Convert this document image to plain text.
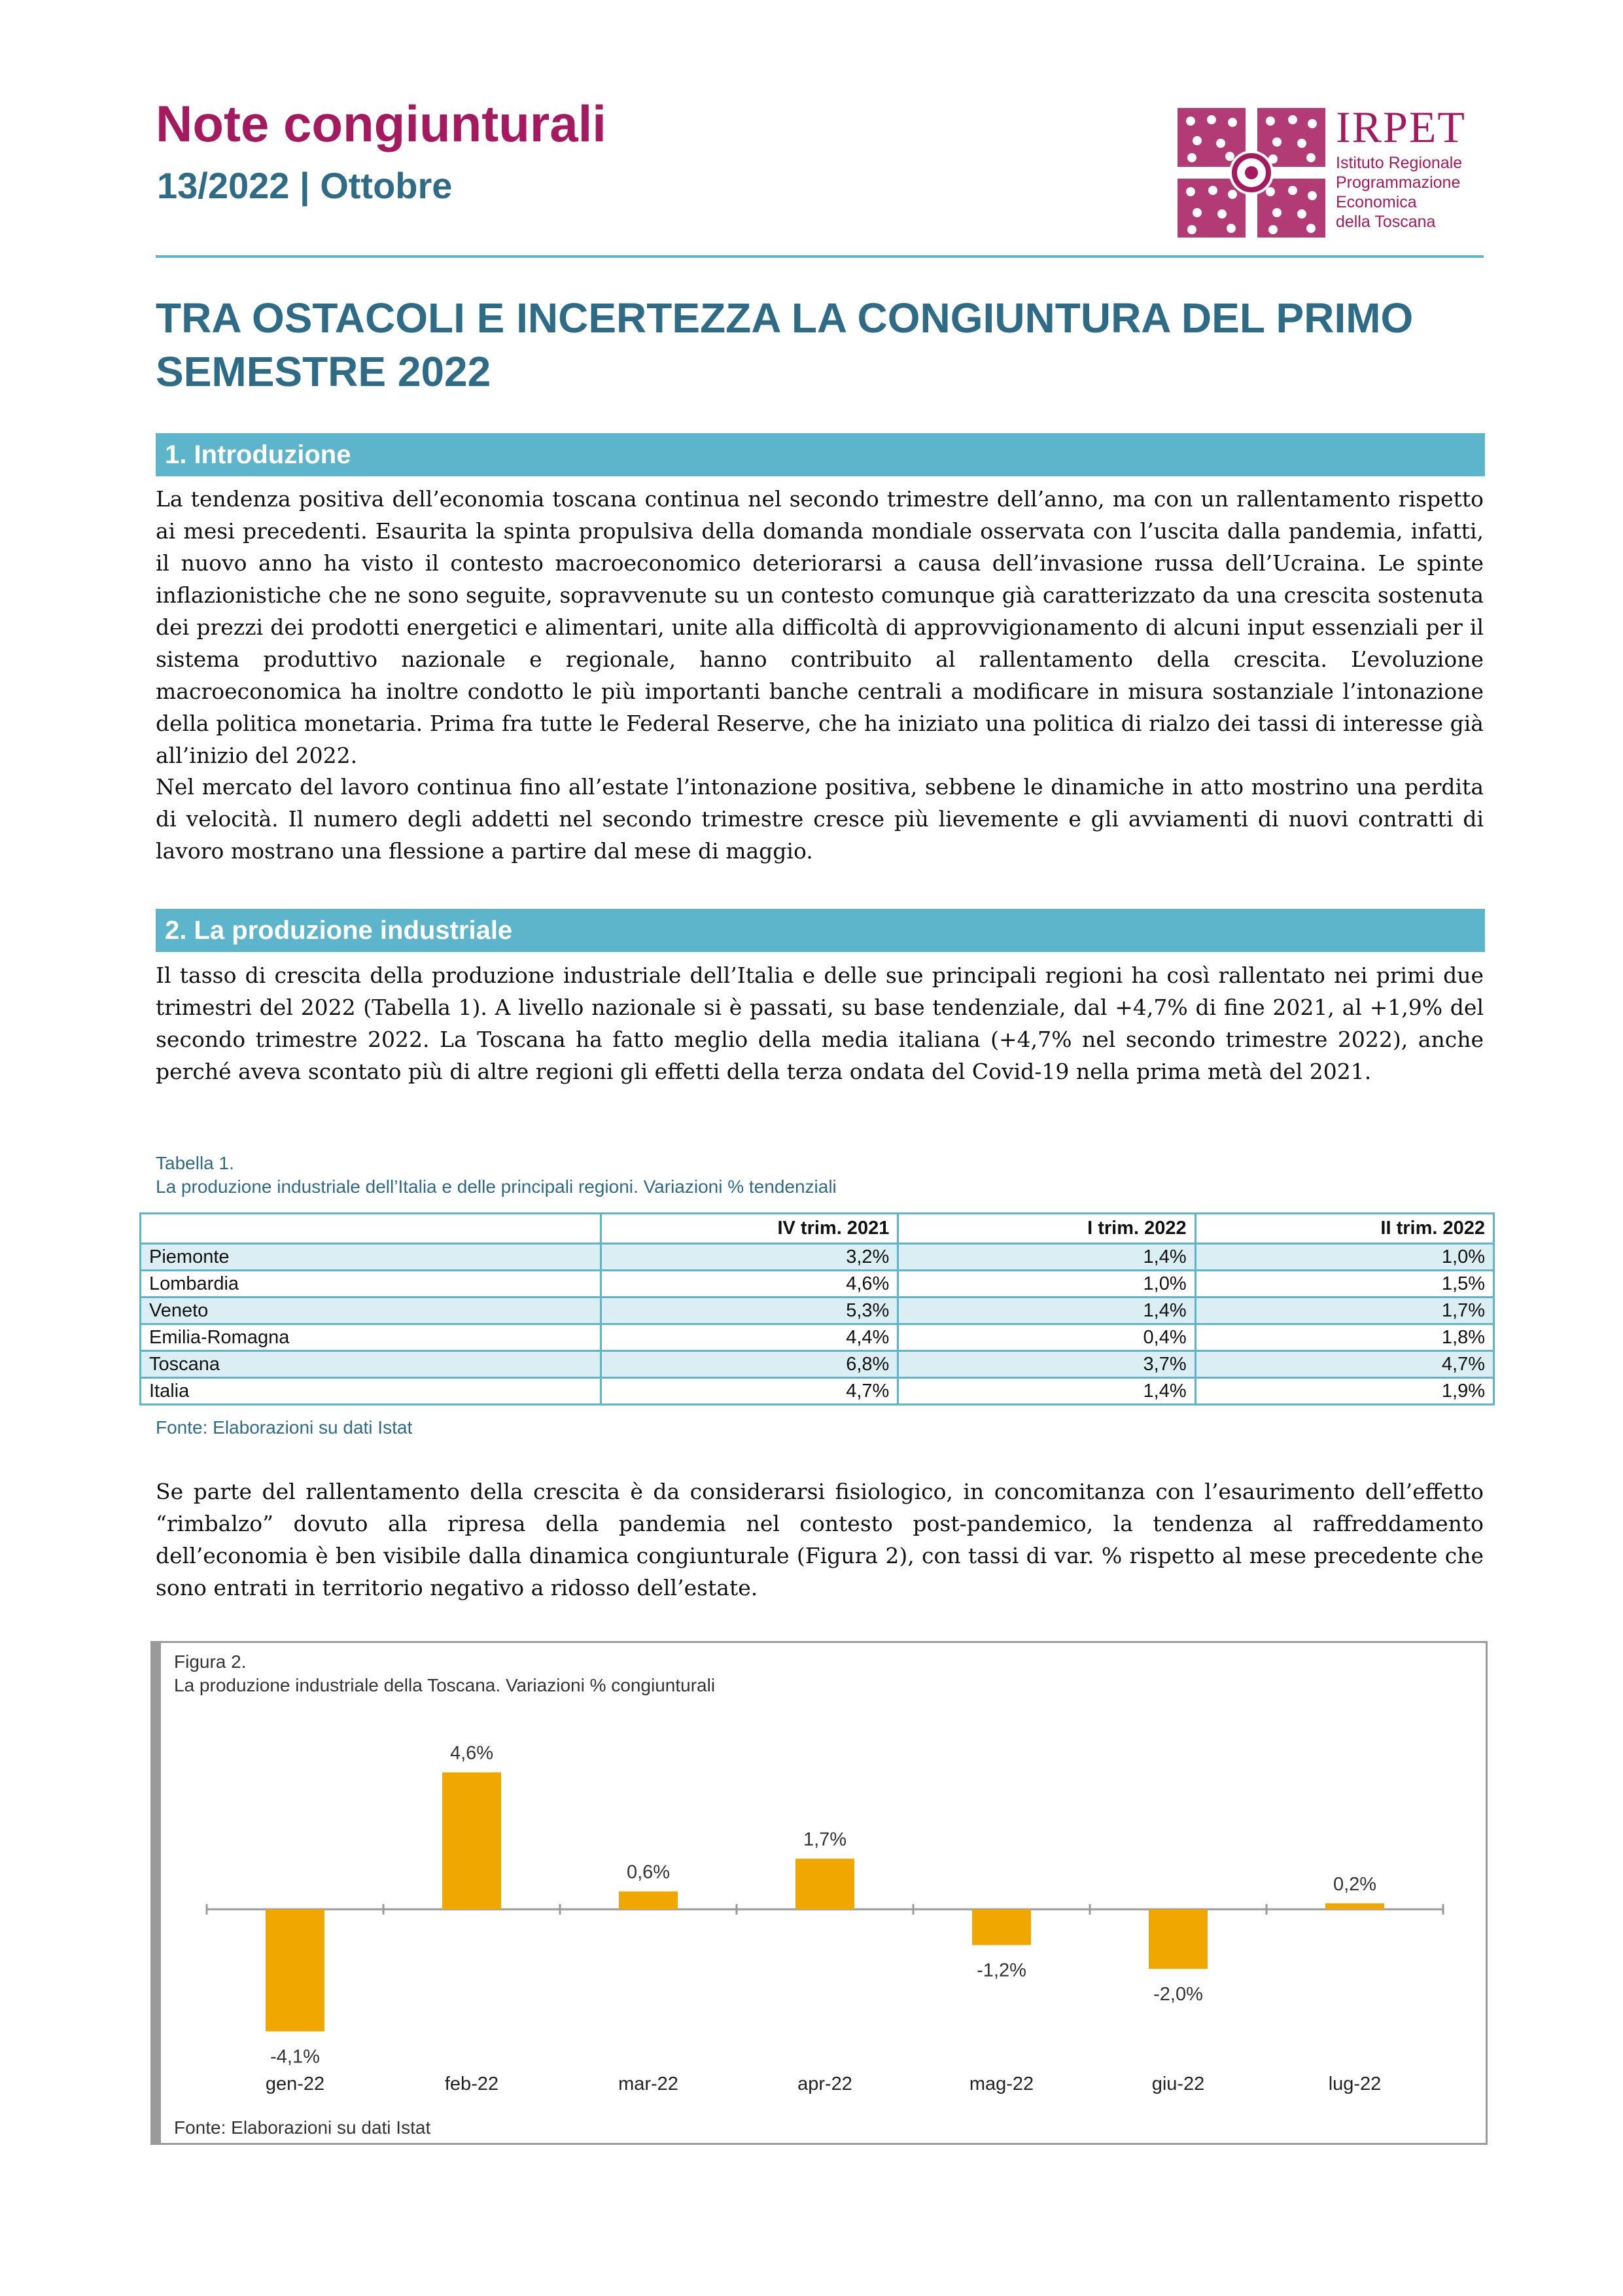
Note congiunturali
13/2022 | Ottobre
IRPET
Istituto Regionale
Programmazione
Economica
della Toscana
TRA OSTACOLI E INCERTEZZA LA CONGIUNTURA DEL PRIMO SEMESTRE 2022
1. Introduzione
La tendenza positiva dell’economia toscana continua nel secondo trimestre dell’anno, ma con un rallentamento rispetto ai mesi precedenti. Esaurita la spinta propulsiva della domanda mondiale osservata con l’uscita dalla pandemia, infatti, il nuovo anno ha visto il contesto macroeconomico deteriorarsi a causa dell’invasione russa dell’Ucraina. Le spinte inflazionistiche che ne sono seguite, sopravvenute su un contesto comunque già caratterizzato da una crescita sostenuta dei prezzi dei prodotti energetici e alimentari, unite alla difficoltà di approvvigionamento di alcuni input essenziali per il sistema produttivo nazionale e regionale, hanno contribuito al rallentamento della crescita. L’evoluzione macroeconomica ha inoltre condotto le più importanti banche centrali a modificare in misura sostanziale l’intonazione della politica monetaria. Prima fra tutte le Federal Reserve, che ha iniziato una politica di rialzo dei tassi di interesse già all’inizio del 2022.
Nel mercato del lavoro continua fino all’estate l’intonazione positiva, sebbene le dinamiche in atto mostrino una perdita di velocità. Il numero degli addetti nel secondo trimestre cresce più lievemente e gli avviamenti di nuovi contratti di lavoro mostrano una flessione a partire dal mese di maggio.
2. La produzione industriale
Il tasso di crescita della produzione industriale dell’Italia e delle sue principali regioni ha così rallentato nei primi due trimestri del 2022 (Tabella 1). A livello nazionale si è passati, su base tendenziale, dal +4,7% di fine 2021, al +1,9% del secondo trimestre 2022. La Toscana ha fatto meglio della media italiana (+4,7% nel secondo trimestre 2022), anche perché aveva scontato più di altre regioni gli effetti della terza ondata del Covid-19 nella prima metà del 2021.
Tabella 1.
La produzione industriale dell’Italia e delle principali regioni. Variazioni % tendenziali
	IV trim. 2021	I trim. 2022	II trim. 2022
Piemonte	3,2%	1,4%	1,0%
Lombardia	4,6%	1,0%	1,5%
Veneto	5,3%	1,4%	1,7%
Emilia-Romagna	4,4%	0,4%	1,8%
Toscana	6,8%	3,7%	4,7%
Italia	4,7%	1,4%	1,9%
Fonte: Elaborazioni su dati Istat
Se parte del rallentamento della crescita è da considerarsi fisiologico, in concomitanza con l’esaurimento dell’effetto “rimbalzo” dovuto alla ripresa della pandemia nel contesto post-pandemico, la tendenza al raffreddamento dell’economia è ben visibile dalla dinamica congiunturale (Figura 2), con tassi di var. % rispetto al mese precedente che sono entrati in territorio negativo a ridosso dell’estate.
Figura 2.
La produzione industriale della Toscana. Variazioni % congiunturali
-4,1%
gen-22
4,6%
feb-22
0,6%
mar-22
1,7%
apr-22
-1,2%
mag-22
-2,0%
giu-22
0,2%
lug-22
Fonte: Elaborazioni su dati Istat
